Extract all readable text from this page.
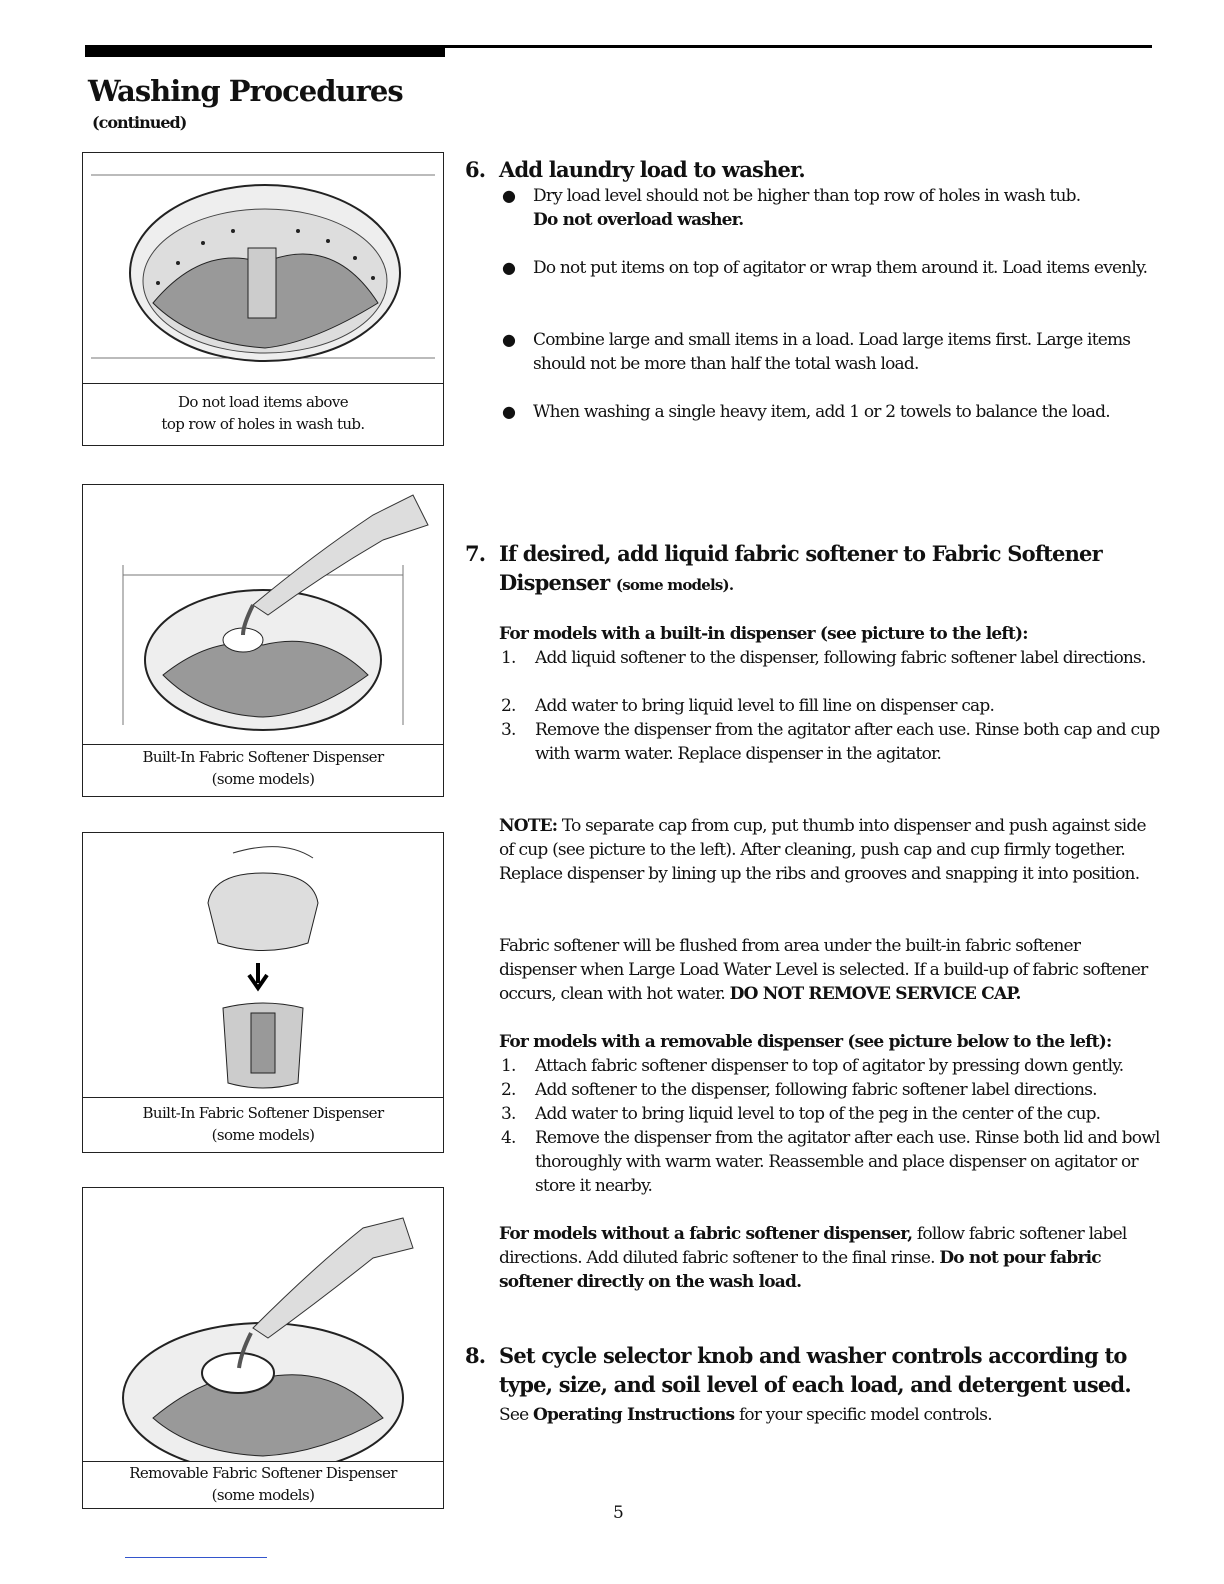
Washing Procedures
(continued)
Do not load items above
top row of holes in wash tub.
Built-In Fabric Softener Dispenser
(some models)
Built-In Fabric Softener Dispenser
(some models)
Removable Fabric Softener Dispenser
(some models)
6. Add laundry load to washer.
● Dry load level should not be higher than top row of holes in wash tub.
Do not overload washer.
● Do not put items on top of agitator or wrap them around it. Load items evenly.
● Combine large and small items in a load. Load large items first. Large items should not be more than half the total wash load.
● When washing a single heavy item, add 1 or 2 towels to balance the load.
7. If desired, add liquid fabric softener to Fabric Softener Dispenser (some models).
For models with a built-in dispenser (see picture to the left):
1. Add liquid softener to the dispenser, following fabric softener label directions.
2. Add water to bring liquid level to fill line on dispenser cap.
3. Remove the dispenser from the agitator after each use. Rinse both cap and cup with warm water. Replace dispenser in the agitator.
NOTE: To separate cap from cup, put thumb into dispenser and push against side of cup (see picture to the left). After cleaning, push cap and cup firmly together. Replace dispenser by lining up the ribs and grooves and snapping it into position.
Fabric softener will be flushed from area under the built-in fabric softener dispenser when Large Load Water Level is selected. If a build-up of fabric softener occurs, clean with hot water. DO NOT REMOVE SERVICE CAP.
For models with a removable dispenser (see picture below to the left):
1. Attach fabric softener dispenser to top of agitator by pressing down gently.
2. Add softener to the dispenser, following fabric softener label directions.
3. Add water to bring liquid level to top of the peg in the center of the cup.
4. Remove the dispenser from the agitator after each use. Rinse both lid and bowl thoroughly with warm water. Reassemble and place dispenser on agitator or store it nearby.
For models without a fabric softener dispenser, follow fabric softener label directions. Add diluted fabric softener to the final rinse. Do not pour fabric softener directly on the wash load.
8. Set cycle selector knob and washer controls according to type, size, and soil level of each load, and detergent used.
See Operating Instructions for your specific model controls.
5
